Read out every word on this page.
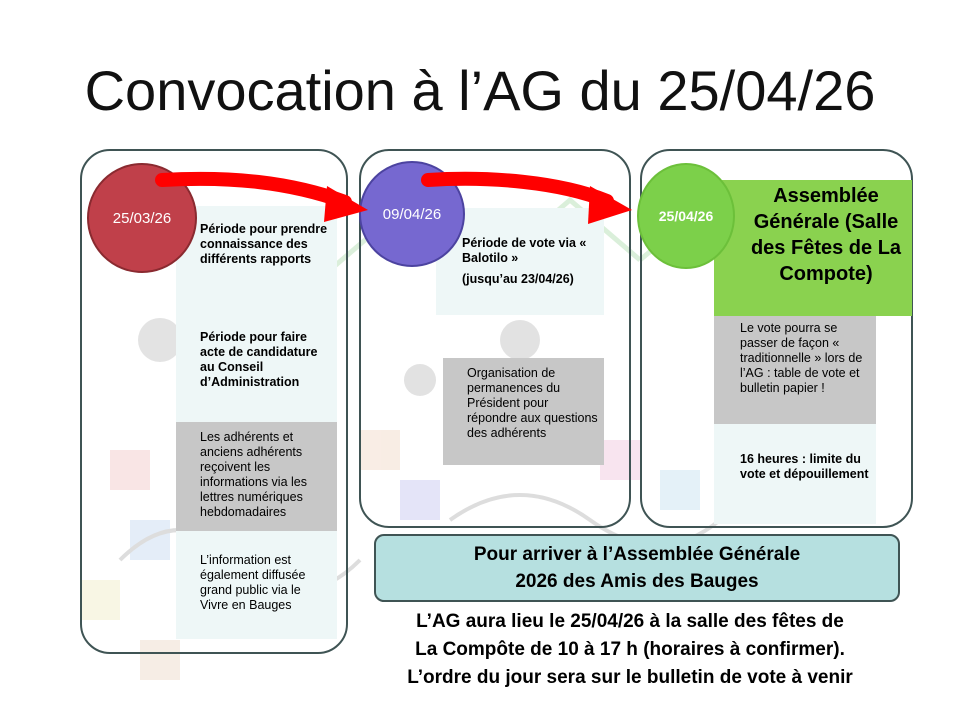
Convocation à l’AG du 25/04/26
Période pour prendre connaissance des différents rapports
Période pour faire acte de candidature au Conseil d’Administration
Les adhérents et anciens adhérents reçoivent les informations via les lettres numériques hebdomadaires
L’information est également diffusée grand public via le Vivre en Bauges
25/03/26
Période de vote via « Balotilo »
(jusqu’au 23/04/26)
Organisation de permanences du Président pour répondre aux questions des adhérents
09/04/26
Assemblée Générale (Salle des Fêtes de La Compote)
Le vote pourra se passer de façon « traditionnelle » lors de l’AG : table de vote et bulletin papier !
16 heures : limite du vote et dépouillement
25/04/26
Pour arriver à l’Assemblée Générale 2026 des Amis des Bauges
L’AG aura lieu le 25/04/26 à la salle des fêtes de
La Compôte de 10 à 17 h (horaires à confirmer).
L’ordre du jour sera sur le bulletin de vote à venir
